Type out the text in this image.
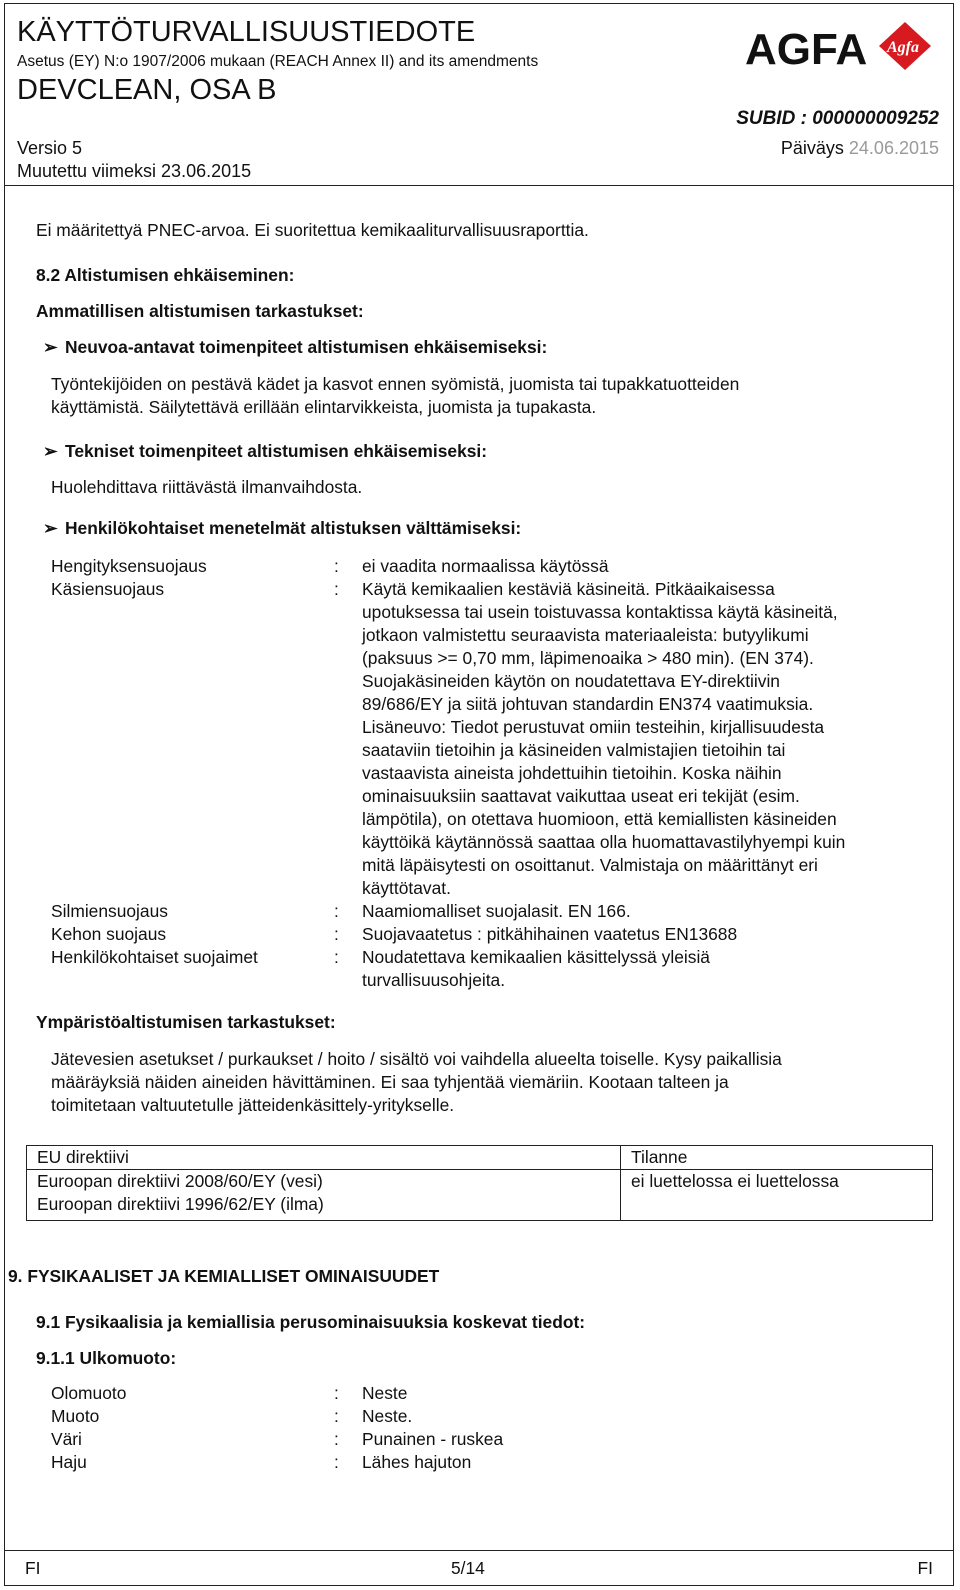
KÄYTTÖTURVALLISUUSTIEDOTE
Asetus (EY) N:o 1907/2006 mukaan (REACH Annex II) and its amendments
DEVCLEAN, OSA B
AGFA Agfa
SUBID : 000000009252
Versio 5	Päiväys 24.06.2015
Muutettu viimeksi 23.06.2015
Ei määritettyä PNEC-arvoa. Ei suoritettua kemikaaliturvallisuusraporttia.
8.2 Altistumisen ehkäiseminen:
Ammatillisen altistumisen tarkastukset:
➢ Neuvoa-antavat toimenpiteet altistumisen ehkäisemiseksi:
Työntekijöiden on pestävä kädet ja kasvot ennen syömistä, juomista tai tupakkatuotteiden
käyttämistä. Säilytettävä erillään elintarvikkeista, juomista ja tupakasta.
➢ Tekniset toimenpiteet altistumisen ehkäisemiseksi:
Huolehdittava riittävästä ilmanvaihdosta.
➢ Henkilökohtaiset menetelmät altistuksen välttämiseksi:
Hengityksensuojaus	:	ei vaadita normaalissa käytössä
Käsiensuojaus	:	Käytä kemikaalien kestäviä käsineitä. Pitkäaikaisessa
upotuksessa tai usein toistuvassa kontaktissa käytä käsineitä,
jotkaon valmistettu seuraavista materiaaleista: butyylikumi
(paksuus >= 0,70 mm, läpimenoaika > 480 min). (EN 374).
Suojakäsineiden käytön on noudatettava EY-direktiivin
89/686/EY ja siitä johtuvan standardin EN374 vaatimuksia.
Lisäneuvo: Tiedot perustuvat omiin testeihin, kirjallisuudesta
saataviin tietoihin ja käsineiden valmistajien tietoihin tai
vastaavista aineista johdettuihin tietoihin. Koska näihin
ominaisuuksiin saattavat vaikuttaa useat eri tekijät (esim.
lämpötila), on otettava huomioon, että kemiallisten käsineiden
käyttöikä käytännössä saattaa olla huomattavastilyhyempi kuin
mitä läpäisytesti on osoittanut. Valmistaja on määrittänyt eri
käyttötavat.
Silmiensuojaus	:	Naamiomalliset suojalasit. EN 166.
Kehon suojaus	:	Suojavaatetus : pitkähihainen vaatetus EN13688
Henkilökohtaiset suojaimet	:	Noudatettava kemikaalien käsittelyssä yleisiä
turvallisuusohjeita.
Ympäristöaltistumisen tarkastukset:
Jätevesien asetukset / purkaukset / hoito / sisältö voi vaihdella alueelta toiselle. Kysy paikallisia
määräyksiä näiden aineiden hävittäminen. Ei saa tyhjentää viemäriin. Kootaan talteen ja
toimitetaan valtuutetulle jätteidenkäsittely-yritykselle.
EU direktiivi	Tilanne

Euroopan direktiivi 2008/60/EY (vesi)
Euroopan direktiivi 1996/62/EY (ilma)	ei luettelossa ei luettelossa
9. FYSIKAALISET JA KEMIALLISET OMINAISUUDET
9.1 Fysikaalisia ja kemiallisia perusominaisuuksia koskevat tiedot:
9.1.1 Ulkomuoto:
Olomuoto	:	Neste
Muoto	:	Neste.
Väri	:	Punainen - ruskea
Haju	:	Lähes hajuton
FI	5/14	FI
